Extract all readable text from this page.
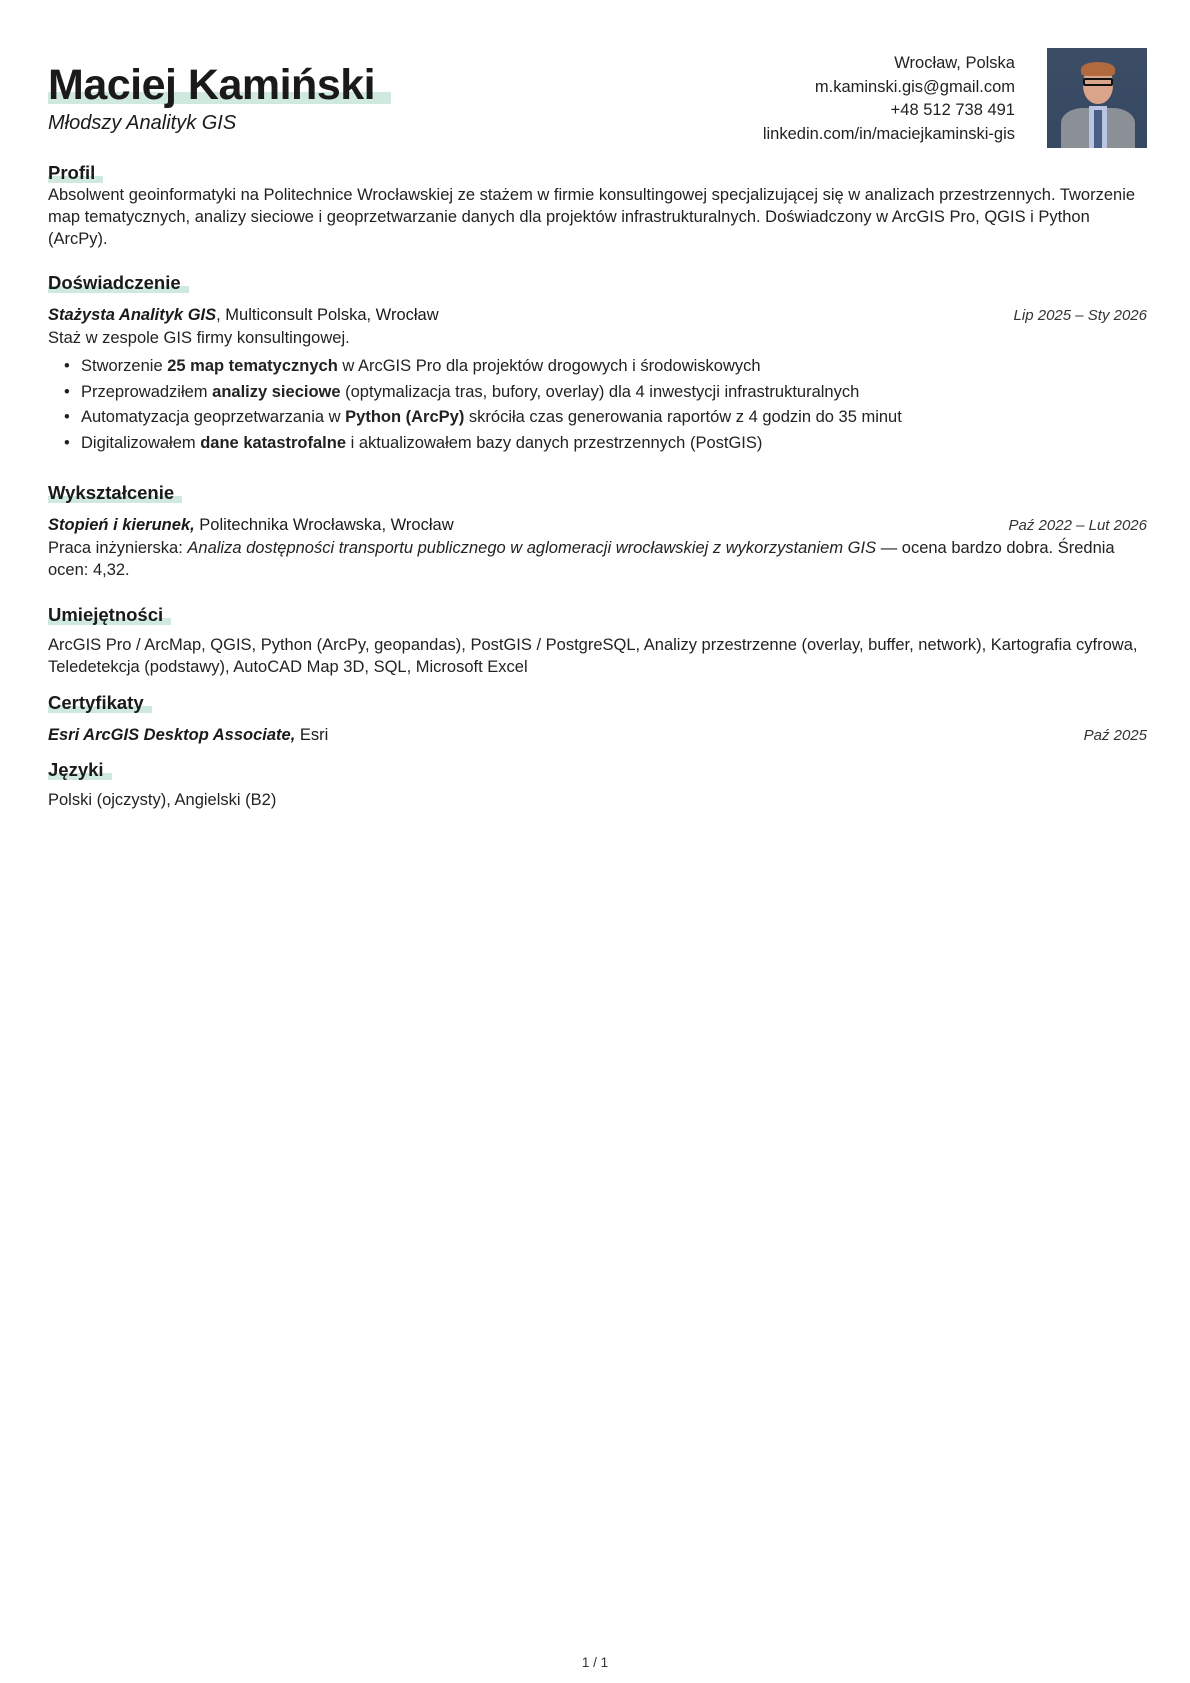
Maciej Kamiński
Młodszy Analityk GIS
Wrocław, Polska
m.kaminski.gis@gmail.com
+48 512 738 491
linkedin.com/in/maciejkaminski-gis
Profil
Absolwent geoinformatyki na Politechnice Wrocławskiej ze stażem w firmie konsultingowej specjalizującej się w analizach przestrzennych. Tworzenie map tematycznych, analizy sieciowe i geoprzetwarzanie danych dla projektów infrastrukturalnych. Doświadczony w ArcGIS Pro, QGIS i Python (ArcPy).
Doświadczenie
Stażysta Analityk GIS, Multiconsult Polska, Wrocław	Lip 2025 – Sty 2026
Staż w zespole GIS firmy konsultingowej.
• Stworzenie 25 map tematycznych w ArcGIS Pro dla projektów drogowych i środowiskowych
• Przeprowadziłem analizy sieciowe (optymalizacja tras, bufory, overlay) dla 4 inwestycji infrastrukturalnych
• Automatyzacja geoprzetwarzania w Python (ArcPy) skróciła czas generowania raportów z 4 godzin do 35 minut
• Digitalizowałem dane katastrofalne i aktualizowałem bazy danych przestrzennych (PostGIS)
Wykształcenie
Stopień i kierunek, Politechnika Wrocławska, Wrocław	Paź 2022 – Lut 2026
Praca inżynierska: Analiza dostępności transportu publicznego w aglomeracji wrocławskiej z wykorzystaniem GIS — ocena bardzo dobra. Średnia ocen: 4,32.
Umiejętności
ArcGIS Pro / ArcMap, QGIS, Python (ArcPy, geopandas), PostGIS / PostgreSQL, Analizy przestrzenne (overlay, buffer, network), Kartografia cyfrowa, Teledetekcja (podstawy), AutoCAD Map 3D, SQL, Microsoft Excel
Certyfikaty
Esri ArcGIS Desktop Associate, Esri	Paź 2025
Języki
Polski (ojczysty), Angielski (B2)
1 / 1
